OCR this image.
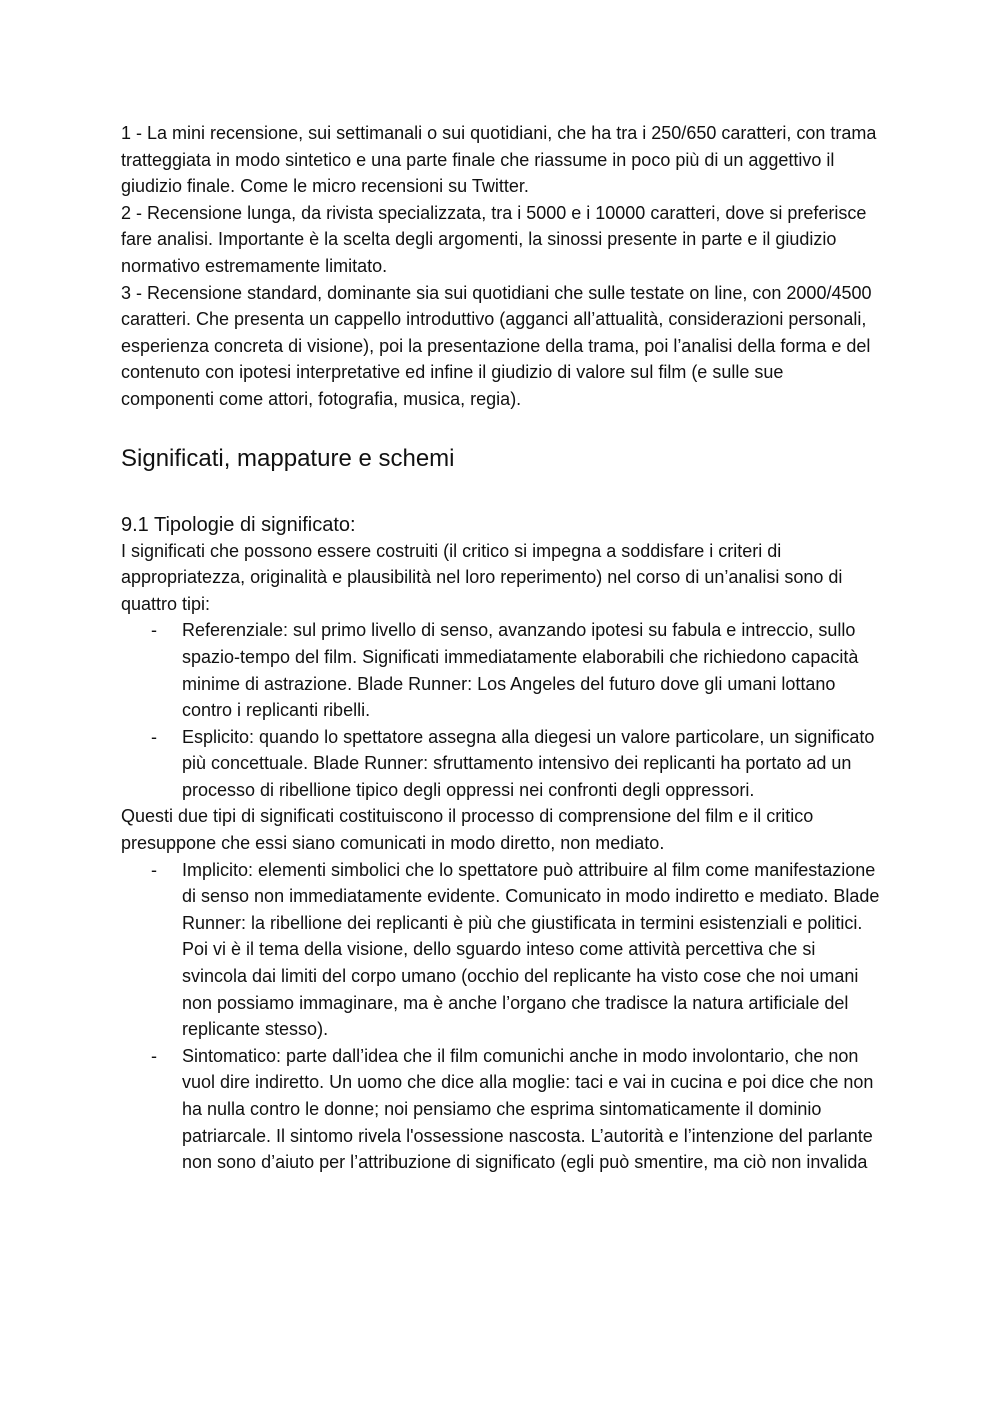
1 - La mini recensione, sui settimanali o sui quotidiani, che ha tra i 250/650 caratteri, con trama tratteggiata in modo sintetico e una parte finale che riassume in poco più di un aggettivo il giudizio finale. Come le micro recensioni su Twitter.

2 - Recensione lunga, da rivista specializzata, tra i 5000 e i 10000 caratteri, dove si preferisce fare analisi. Importante è la scelta degli argomenti, la sinossi presente in parte e il giudizio normativo estremamente limitato.

3 - Recensione standard, dominante sia sui quotidiani che sulle testate on line, con 2000/4500 caratteri. Che presenta un cappello introduttivo (agganci all’attualità, considerazioni personali, esperienza concreta di visione), poi la presentazione della trama, poi l’analisi della forma e del contenuto con ipotesi interpretative ed infine il giudizio di valore sul film (e sulle sue componenti come attori, fotografia, musica, regia).

Significati, mappature e schemi
9.1 Tipologie di significato:

I significati che possono essere costruiti (il critico si impegna a soddisfare i criteri di appropriatezza, originalità e plausibilità nel loro reperimento) nel corso di un’analisi sono di quattro tipi:

- Referenziale: sul primo livello di senso, avanzando ipotesi su fabula e intreccio, sullo spazio-tempo del film. Significati immediatamente elaborabili che richiedono capacità minime di astrazione. Blade Runner: Los Angeles del futuro dove gli umani lottano contro i replicanti ribelli.
- Esplicito: quando lo spettatore assegna alla diegesi un valore particolare, un significato più concettuale. Blade Runner: sfruttamento intensivo dei replicanti ha portato ad un processo di ribellione tipico degli oppressi nei confronti degli oppressori.

Questi due tipi di significati costituiscono il processo di comprensione del film e il critico presuppone che essi siano comunicati in modo diretto, non mediato.

- Implicito: elementi simbolici che lo spettatore può attribuire al film come manifestazione di senso non immediatamente evidente. Comunicato in modo indiretto e mediato. Blade Runner: la ribellione dei replicanti è più che giustificata in termini esistenziali e politici. Poi vi è il tema della visione, dello sguardo inteso come attività percettiva che si svincola dai limiti del corpo umano (occhio del replicante ha visto cose che noi umani non possiamo immaginare, ma è anche l’organo che tradisce la natura artificiale del replicante stesso).
- Sintomatico: parte dall’idea che il film comunichi anche in modo involontario, che non vuol dire indiretto. Un uomo che dice alla moglie: taci e vai in cucina e poi dice che non ha nulla contro le donne; noi pensiamo che esprima sintomaticamente il dominio patriarcale. Il sintomo rivela l'ossessione nascosta. L’autorità e l’intenzione del parlante non sono d’aiuto per l’attribuzione di significato (egli può smentire, ma ciò non invalida
